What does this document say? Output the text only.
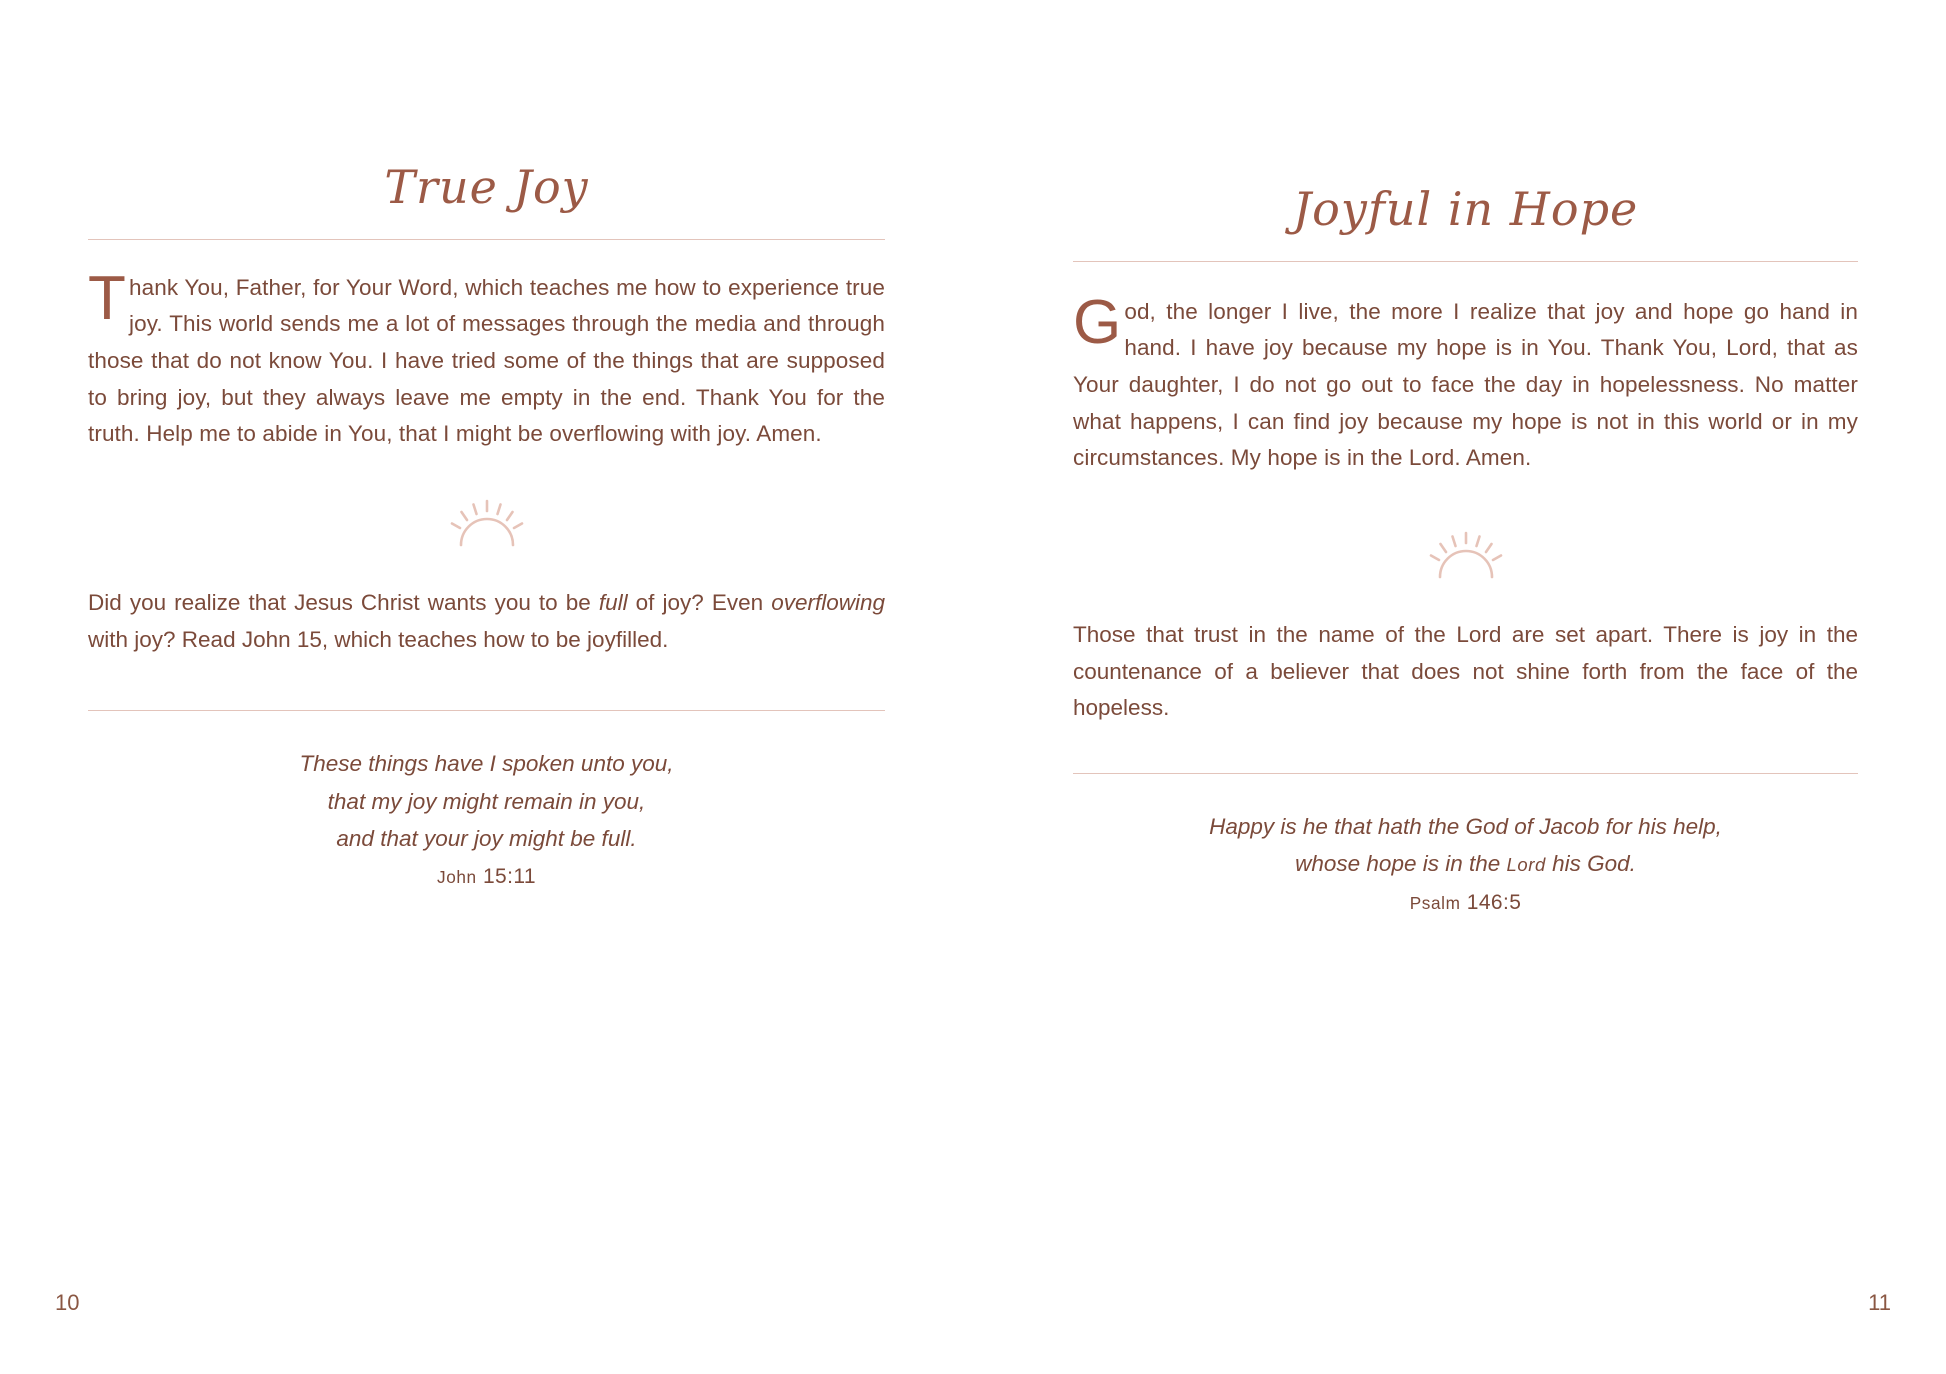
True Joy
Thank You, Father, for Your Word, which teaches me how to experience true joy. This world sends me a lot of messages through the media and through those that do not know You. I have tried some of the things that are supposed to bring joy, but they always leave me empty in the end. Thank You for the truth. Help me to abide in You, that I might be overflowing with joy. Amen.
Did you realize that Jesus Christ wants you to be full of joy? Even overflowing with joy? Read John 15, which teaches how to be joyfilled.
These things have I spoken unto you,
that my joy might remain in you,
and that your joy might be full.
John 15:11
10
Joyful in Hope
God, the longer I live, the more I realize that joy and hope go hand in hand. I have joy because my hope is in You. Thank You, Lord, that as Your daughter, I do not go out to face the day in hopelessness. No matter what happens, I can find joy because my hope is not in this world or in my circumstances. My hope is in the Lord. Amen.
Those that trust in the name of the Lord are set apart. There is joy in the countenance of a believer that does not shine forth from the face of the hopeless.
Happy is he that hath the God of Jacob for his help,
whose hope is in the Lord his God.
Psalm 146:5
11
